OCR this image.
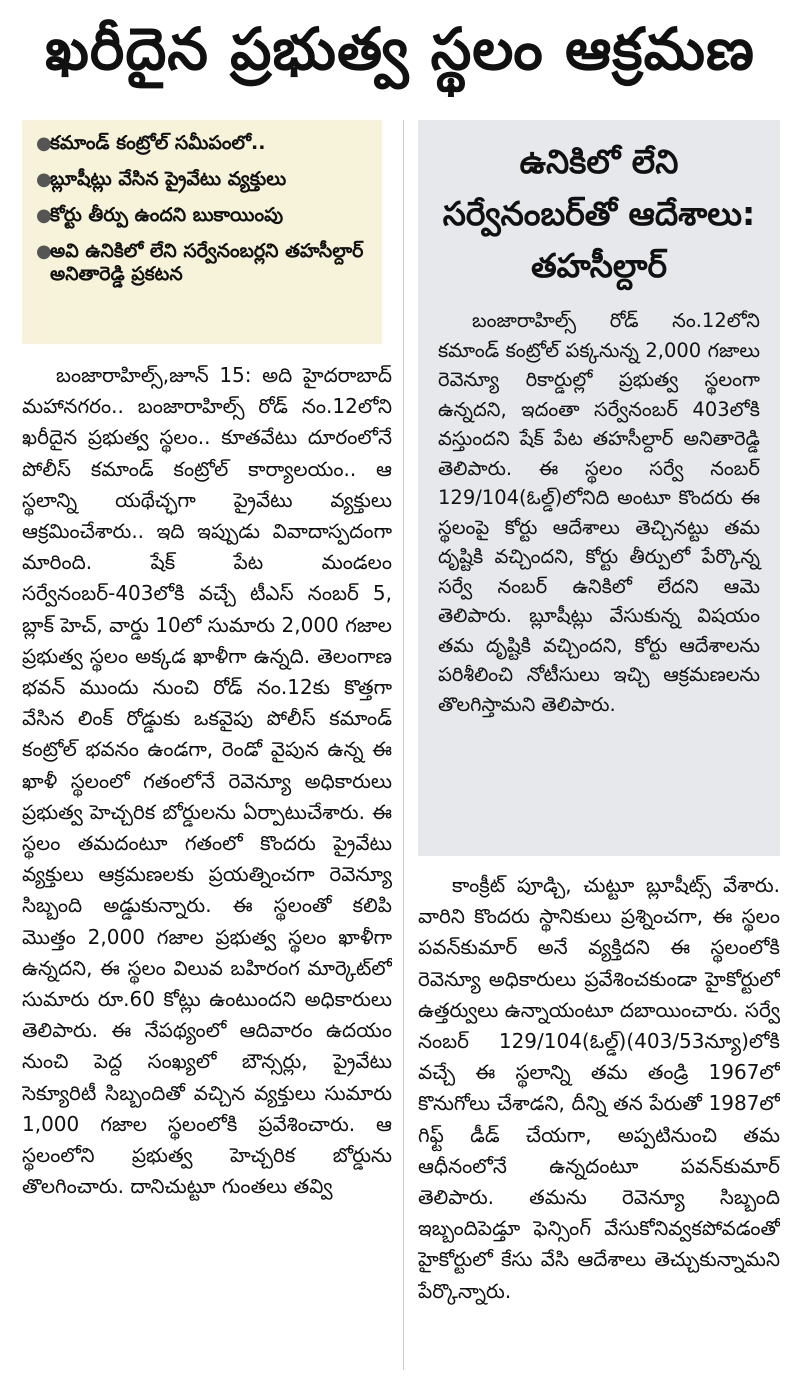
ఖరీదైన ప్రభుత్వ స్థలం ఆక్రమణ
●
కమాండ్ కంట్రోల్ సమీపంలో..
●
బ్లూషీట్లు వేసిన ప్రైవేటు వ్యక్తులు
●
కోర్టు తీర్పు ఉందని బుకాయింపు
●
అవి ఉనికిలో లేని సర్వేనంబర్లని తహసీల్దార్ అనితారెడ్డి ప్రకటన
ఉనికిలో లేని సర్వేనంబర్‌తో ఆదేశాలు: తహసీల్దార్

బంజారాహిల్స్ రోడ్ నం.12లోని కమాండ్ కంట్రోల్ పక్కనున్న 2,000 గజాలు రెవెన్యూ రికార్డుల్లో ప్రభుత్వ స్థలంగా ఉన్నదని, ఇదంతా సర్వేనంబర్ 403లోకి వస్తుందని షేక్ పేట తహసీల్దార్ అనితారెడ్డి తెలిపారు. ఈ స్థలం సర్వే నంబర్ 129/104(ఓల్డ్)లోనిది అంటూ కొందరు ఈ స్థలంపై కోర్టు ఆదేశాలు తెచ్చినట్టు తమ దృష్టికి వచ్చిందని, కోర్టు తీర్పులో పేర్కొన్న సర్వే నంబర్ ఉనికిలో లేదని ఆమె తెలిపారు. బ్లూషీట్లు వేసుకున్న విషయం తమ దృష్టికి వచ్చిందని, కోర్టు ఆదేశాలను పరిశీలించి నోటీసులు ఇచ్చి ఆక్రమణలను తొలగిస్తామని తెలిపారు.

బంజారాహిల్స్,జూన్ 15: అది హైదరాబాద్ మహానగరం.. బంజారాహిల్స్ రోడ్ నం.12లోని ఖరీదైన ప్రభుత్వ స్థలం.. కూతవేటు దూరంలోనే పోలీస్ కమాండ్ కంట్రోల్ కార్యాలయం.. ఆ స్థలాన్ని యథేచ్ఛగా ప్రైవేటు వ్యక్తులు ఆక్రమించేశారు.. ఇది ఇప్పుడు వివాదాస్పదంగా మారింది. షేక్ పేట మండలం సర్వేనంబర్-403లోకి వచ్చే టీఎస్ నంబర్ 5, బ్లాక్ హెచ్, వార్డు 10లో సుమారు 2,000 గజాల ప్రభుత్వ స్థలం అక్కడ ఖాళీగా ఉన్నది. తెలంగాణ భవన్ ముందు నుంచి రోడ్ నం.12కు కొత్తగా వేసిన లింక్ రోడ్డుకు ఒకవైపు పోలీస్ కమాండ్ కంట్రోల్ భవనం ఉండగా, రెండో వైపున ఉన్న ఈ ఖాళీ స్థలంలో గతంలోనే రెవెన్యూ అధికారులు ప్రభుత్వ హెచ్చరిక బోర్డులను ఏర్పాటుచేశారు. ఈ స్థలం తమదంటూ గతంలో కొందరు ప్రైవేటు వ్యక్తులు ఆక్రమణలకు ప్రయత్నించగా రెవెన్యూ సిబ్బంది అడ్డుకున్నారు. ఈ స్థలంతో కలిపి మొత్తం 2,000 గజాల ప్రభుత్వ స్థలం ఖాళీగా ఉన్నదని, ఈ స్థలం విలువ బహిరంగ మార్కెట్‌లో సుమారు రూ.60 కోట్లు ఉంటుందని అధికారులు తెలిపారు. ఈ నేపథ్యంలో ఆదివారం ఉదయం నుంచి పెద్ద సంఖ్యలో బౌన్సర్లు, ప్రైవేటు సెక్యూరిటీ సిబ్బందితో వచ్చిన వ్యక్తులు సుమారు 1,000 గజాల స్థలంలోకి ప్రవేశించారు. ఆ స్థలంలోని ప్రభుత్వ హెచ్చరిక బోర్డును తొలగించారు. దానిచుట్టూ గుంతలు తవ్వి

కాంక్రీట్ పూడ్చి, చుట్టూ బ్లూషీట్స్ వేశారు. వారిని కొందరు స్థానికులు ప్రశ్నించగా, ఈ స్థలం పవన్‌కుమార్ అనే వ్యక్తిదని ఈ స్థలంలోకి రెవెన్యూ అధికారులు ప్రవేశించకుండా హైకోర్టులో ఉత్తర్వులు ఉన్నాయంటూ దబాయించారు. సర్వే నంబర్ 129/104(ఓల్డ్)(403/53న్యూ)లోకి వచ్చే ఈ స్థలాన్ని తమ తండ్రి 1967లో కొనుగోలు చేశాడని, దీన్ని తన పేరుతో 1987లో గిఫ్ట్ డీడ్ చేయగా, అప్పటినుంచి తమ ఆధీనంలోనే ఉన్నదంటూ పవన్‌కుమార్ తెలిపారు. తమను రెవెన్యూ సిబ్బంది ఇబ్బందిపెడ్తూ ఫెన్సింగ్ వేసుకోనివ్వకపోవడంతో హైకోర్టులో కేసు వేసి ఆదేశాలు తెచ్చుకున్నామని పేర్కొన్నారు.
